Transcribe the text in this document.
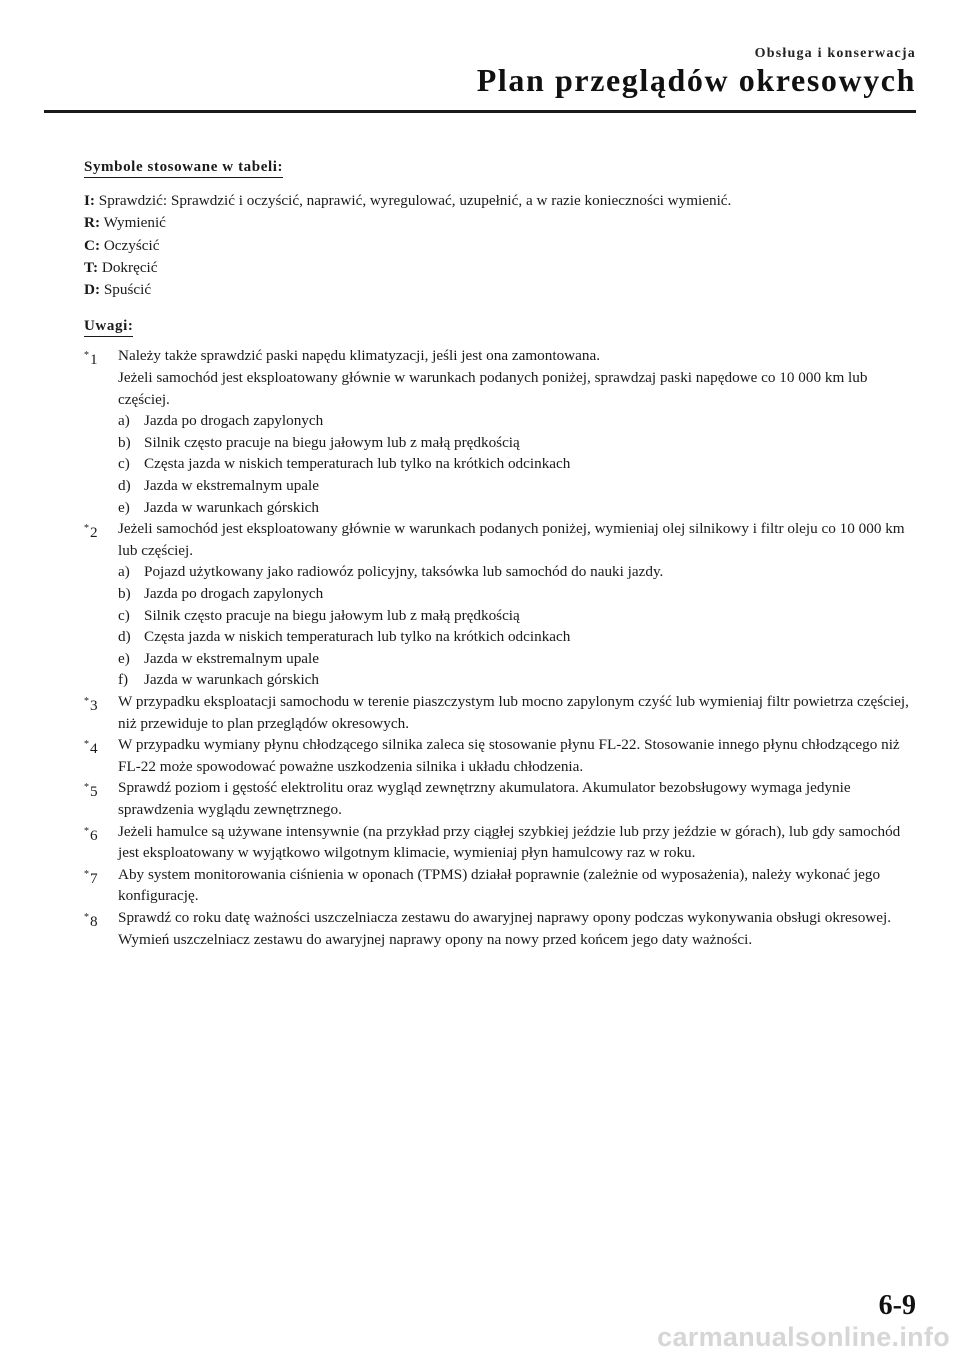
Obsługa i konserwacja
Plan przeglądów okresowych
Symbole stosowane w tabeli:
I: Sprawdzić: Sprawdzić i oczyścić, naprawić, wyregulować, uzupełnić, a w razie konieczności wymienić.
R: Wymienić
C: Oczyścić
T: Dokręcić
D: Spuścić
Uwagi:
*1 Należy także sprawdzić paski napędu klimatyzacji, jeśli jest ona zamontowana.
Jeżeli samochód jest eksploatowany głównie w warunkach podanych poniżej, sprawdzaj paski napędowe co 10 000 km lub częściej.
a) Jazda po drogach zapylonych
b) Silnik często pracuje na biegu jałowym lub z małą prędkością
c) Częsta jazda w niskich temperaturach lub tylko na krótkich odcinkach
d) Jazda w ekstremalnym upale
e) Jazda w warunkach górskich
*2 Jeżeli samochód jest eksploatowany głównie w warunkach podanych poniżej, wymieniaj olej silnikowy i filtr oleju co 10 000 km lub częściej.
a) Pojazd użytkowany jako radiowóz policyjny, taksówka lub samochód do nauki jazdy.
b) Jazda po drogach zapylonych
c) Silnik często pracuje na biegu jałowym lub z małą prędkością
d) Częsta jazda w niskich temperaturach lub tylko na krótkich odcinkach
e) Jazda w ekstremalnym upale
f) Jazda w warunkach górskich
*3 W przypadku eksploatacji samochodu w terenie piaszczystym lub mocno zapylonym czyść lub wymieniaj filtr powietrza częściej, niż przewiduje to plan przeglądów okresowych.
*4 W przypadku wymiany płynu chłodzącego silnika zaleca się stosowanie płynu FL-22. Stosowanie innego płynu chłodzącego niż FL-22 może spowodować poważne uszkodzenia silnika i układu chłodzenia.
*5 Sprawdź poziom i gęstość elektrolitu oraz wygląd zewnętrzny akumulatora. Akumulator bezobsługowy wymaga jedynie sprawdzenia wyglądu zewnętrznego.
*6 Jeżeli hamulce są używane intensywnie (na przykład przy ciągłej szybkiej jeździe lub przy jeździe w górach), lub gdy samochód jest eksploatowany w wyjątkowo wilgotnym klimacie, wymieniaj płyn hamulcowy raz w roku.
*7 Aby system monitorowania ciśnienia w oponach (TPMS) działał poprawnie (zależnie od wyposażenia), należy wykonać jego konfigurację.
*8 Sprawdź co roku datę ważności uszczelniacza zestawu do awaryjnej naprawy opony podczas wykonywania obsługi okresowej. Wymień uszczelniacz zestawu do awaryjnej naprawy opony na nowy przed końcem jego daty ważności.
6-9
carmanualsonline.info
